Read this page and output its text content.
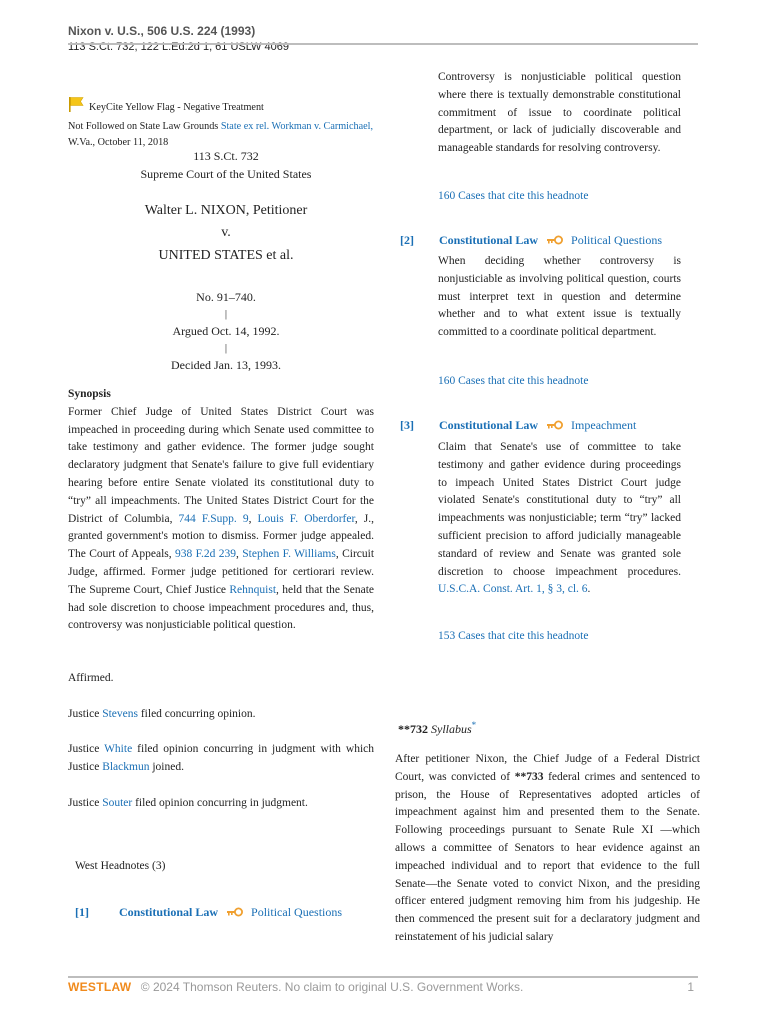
Nixon v. U.S., 506 U.S. 224 (1993)
113 S.Ct. 732, 122 L.Ed.2d 1, 61 USLW 4069
KeyCite Yellow Flag - Negative Treatment
Not Followed on State Law Grounds State ex rel. Workman v. Carmichael,
W.Va., October 11, 2018
113 S.Ct. 732
Supreme Court of the United States
Walter L. NIXON, Petitioner
v.
UNITED STATES et al.
No. 91–740.
|
Argued Oct. 14, 1992.
|
Decided Jan. 13, 1993.
Synopsis
Former Chief Judge of United States District Court was impeached in proceeding during which Senate used committee to take testimony and gather evidence. The former judge sought declaratory judgment that Senate's failure to give full evidentiary hearing before entire Senate violated its constitutional duty to “try” all impeachments. The United States District Court for the District of Columbia, 744 F.Supp. 9, Louis F. Oberdorfer, J., granted government's motion to dismiss. Former judge appealed. The Court of Appeals, 938 F.2d 239, Stephen F. Williams, Circuit Judge, affirmed. Former judge petitioned for certiorari review. The Supreme Court, Chief Justice Rehnquist, held that the Senate had sole discretion to choose impeachment procedures and, thus, controversy was nonjusticiable political question.
Affirmed.
Justice Stevens filed concurring opinion.
Justice White filed opinion concurring in judgment with which Justice Blackmun joined.
Justice Souter filed opinion concurring in judgment.
West Headnotes (3)
[1]	Constitutional Law	Political Questions
Controversy is nonjusticiable political question where there is textually demonstrable constitutional commitment of issue to coordinate political department, or lack of judicially discoverable and manageable standards for resolving controversy.
160 Cases that cite this headnote
[2] Constitutional Law	Political Questions
When deciding whether controversy is nonjusticiable as involving political question, courts must interpret text in question and determine whether and to what extent issue is textually committed to a coordinate political department.
160 Cases that cite this headnote
[3] Constitutional Law	Impeachment
Claim that Senate's use of committee to take testimony and gather evidence during proceedings to impeach United States District Court judge violated Senate's constitutional duty to “try” all impeachments was nonjusticiable; term “try” lacked sufficient precision to afford judicially manageable standard of review and Senate was granted sole discretion to choose impeachment procedures. U.S.C.A. Const. Art. 1, § 3, cl. 6.
153 Cases that cite this headnote
**732 Syllabus*
After petitioner Nixon, the Chief Judge of a Federal District Court, was convicted of **733 federal crimes and sentenced to prison, the House of Representatives adopted articles of impeachment against him and presented them to the Senate. Following proceedings pursuant to Senate Rule XI —which allows a committee of Senators to hear evidence against an impeached individual and to report that evidence to the full Senate—the Senate voted to convict Nixon, and the presiding officer entered judgment removing him from his judgeship. He then commenced the present suit for a declaratory judgment and reinstatement of his judicial salary
WESTLAW © 2024 Thomson Reuters. No claim to original U.S. Government Works.	1
